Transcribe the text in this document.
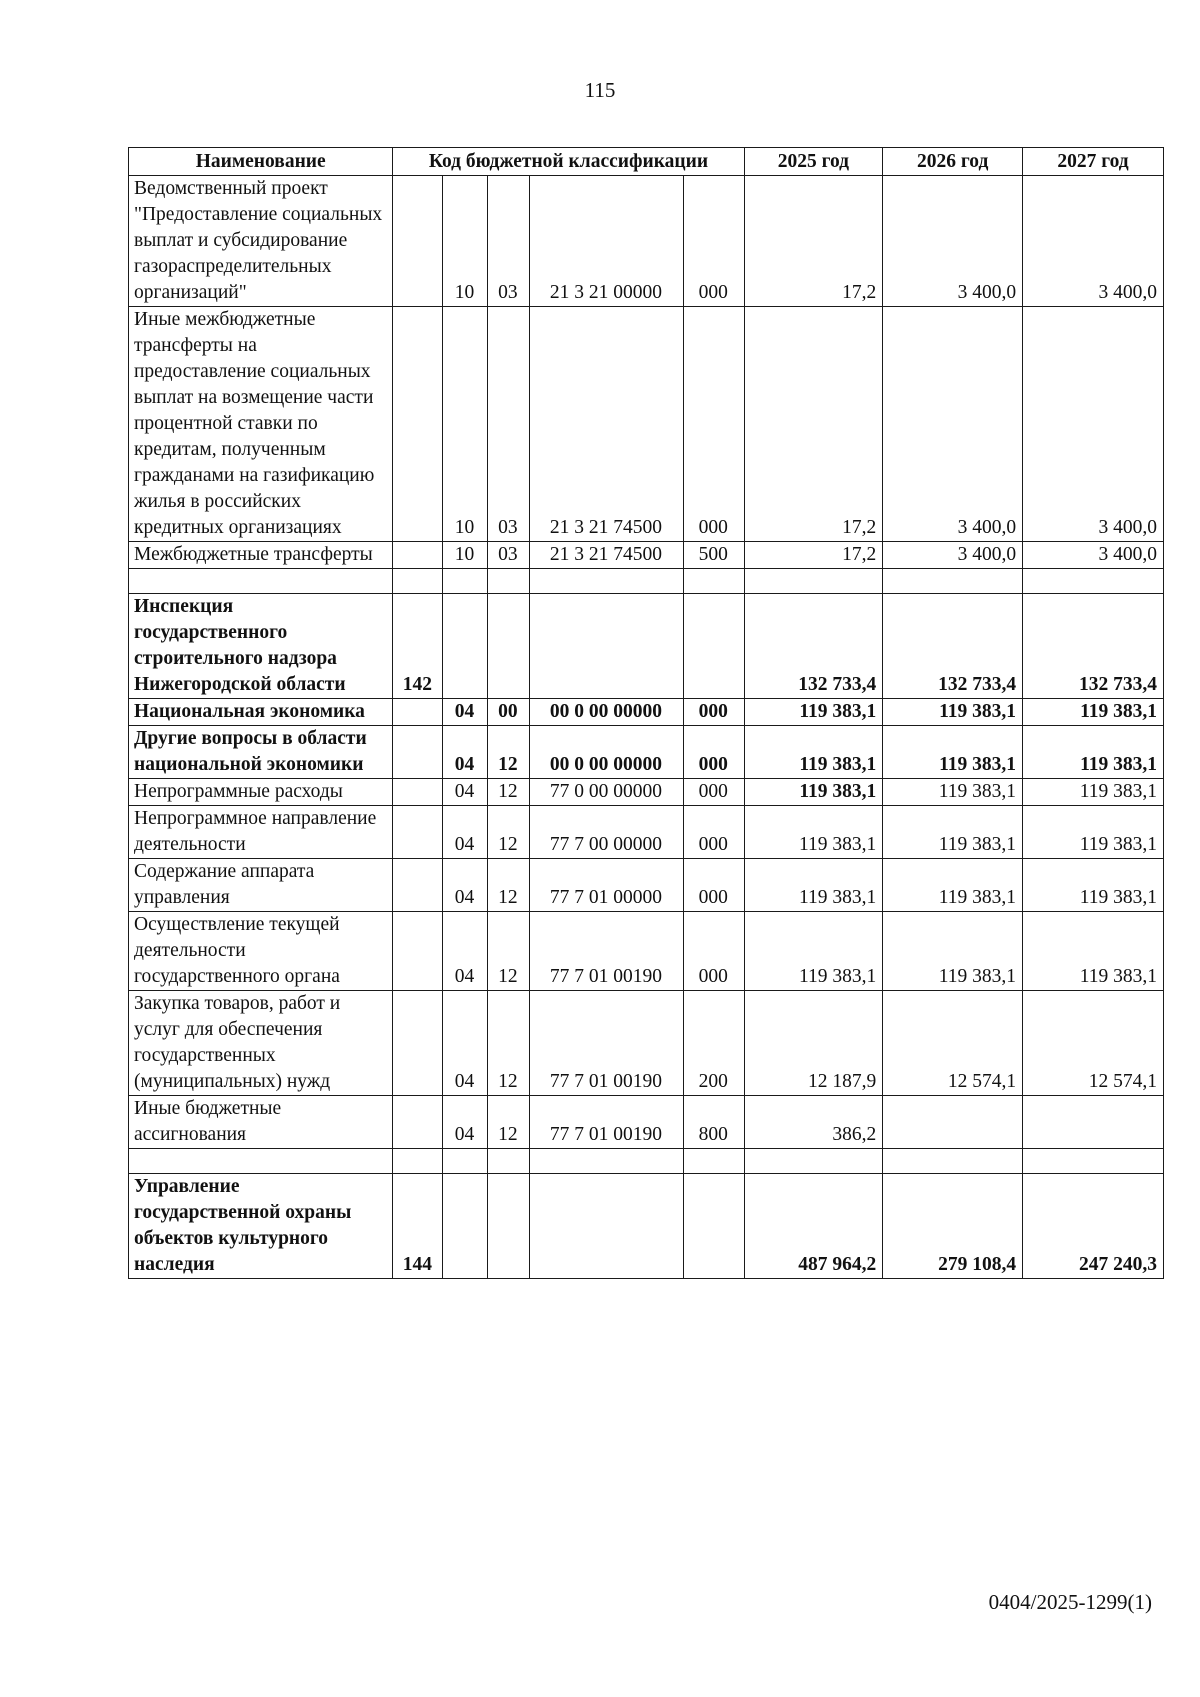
115
Наименование	Код бюджетной классификации					2025 год	2026 год	2027 год
Ведомственный проект "Предоставление социальных выплат и субсидирование газораспределительных организаций"		10	03	21 3 21 00000	000	17,2	3 400,0	3 400,0
Иные межбюджетные трансферты на предоставление социальных выплат на возмещение части процентной ставки по кредитам, полученным гражданами на газификацию жилья в российских кредитных организациях		10	03	21 3 21 74500	000	17,2	3 400,0	3 400,0
Межбюджетные трансферты		10	03	21 3 21 74500	500	17,2	3 400,0	3 400,0

Инспекция государственного строительного надзора Нижегородской области	142					132 733,4	132 733,4	132 733,4
Национальная экономика		04	00	00 0 00 00000	000	119 383,1	119 383,1	119 383,1
Другие вопросы в области национальной экономики		04	12	00 0 00 00000	000	119 383,1	119 383,1	119 383,1
Непрограммные расходы		04	12	77 0 00 00000	000	119 383,1	119 383,1	119 383,1
Непрограммное направление деятельности		04	12	77 7 00 00000	000	119 383,1	119 383,1	119 383,1
Содержание аппарата управления		04	12	77 7 01 00000	000	119 383,1	119 383,1	119 383,1
Осуществление текущей деятельности государственного органа		04	12	77 7 01 00190	000	119 383,1	119 383,1	119 383,1
Закупка товаров, работ и услуг для обеспечения государственных (муниципальных) нужд		04	12	77 7 01 00190	200	12 187,9	12 574,1	12 574,1
Иные бюджетные ассигнования		04	12	77 7 01 00190	800	386,2		

Управление государственной охраны объектов культурного наследия	144					487 964,2	279 108,4	247 240,3
0404/2025-1299(1)
